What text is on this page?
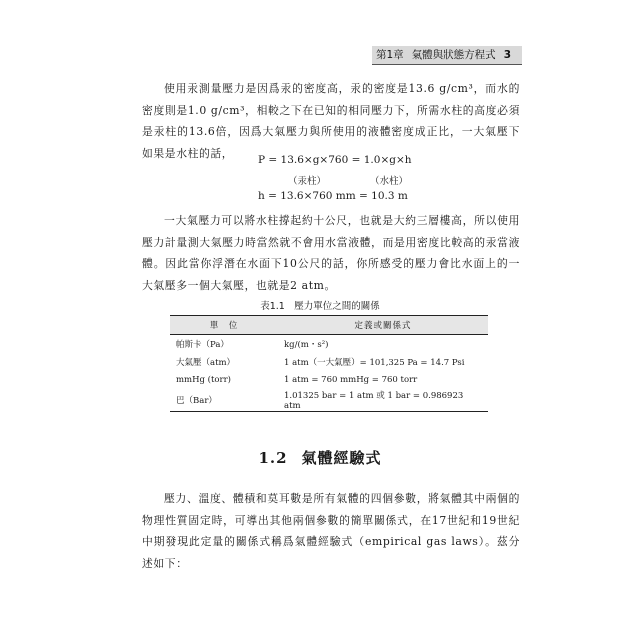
第1章 氣體與狀態方程式 3
使用汞測量壓力是因爲汞的密度高，汞的密度是13.6 g/cm³，而水的密度則是1.0 g/cm³，相較之下在已知的相同壓力下，所需水柱的高度必須是汞柱的13.6倍，因爲大氣壓力與所使用的液體密度成正比，一大氣壓下如果是水柱的話，
P = 13.6×g×760 = 1.0×g×h
（汞柱）	（水柱）
h = 13.6×760 mm = 10.3 m
一大氣壓力可以將水柱撐起約十公尺，也就是大約三層樓高，所以使用壓力計量測大氣壓力時當然就不會用水當液體，而是用密度比較高的汞當液體。因此當你浮潛在水面下10公尺的話，你所感受的壓力會比水面上的一大氣壓多一個大氣壓，也就是2 atm。
表1.1　壓力單位之間的關係
單　位	定義或關係式
帕斯卡（Pa）	kg/(m・s²)
大氣壓（atm）	1 atm（一大氣壓）= 101,325 Pa = 14.7 Psi
mmHg (torr)	1 atm = 760 mmHg = 760 torr
巴（Bar）	1.01325 bar = 1 atm 或 1 bar = 0.986923 atm
1.2 氣體經驗式
壓力、溫度、體積和莫耳數是所有氣體的四個參數，將氣體其中兩個的物理性質固定時，可導出其他兩個參數的簡單關係式，在17世紀和19世紀中期發現此定量的關係式稱爲氣體經驗式（empirical gas laws）。茲分述如下：
